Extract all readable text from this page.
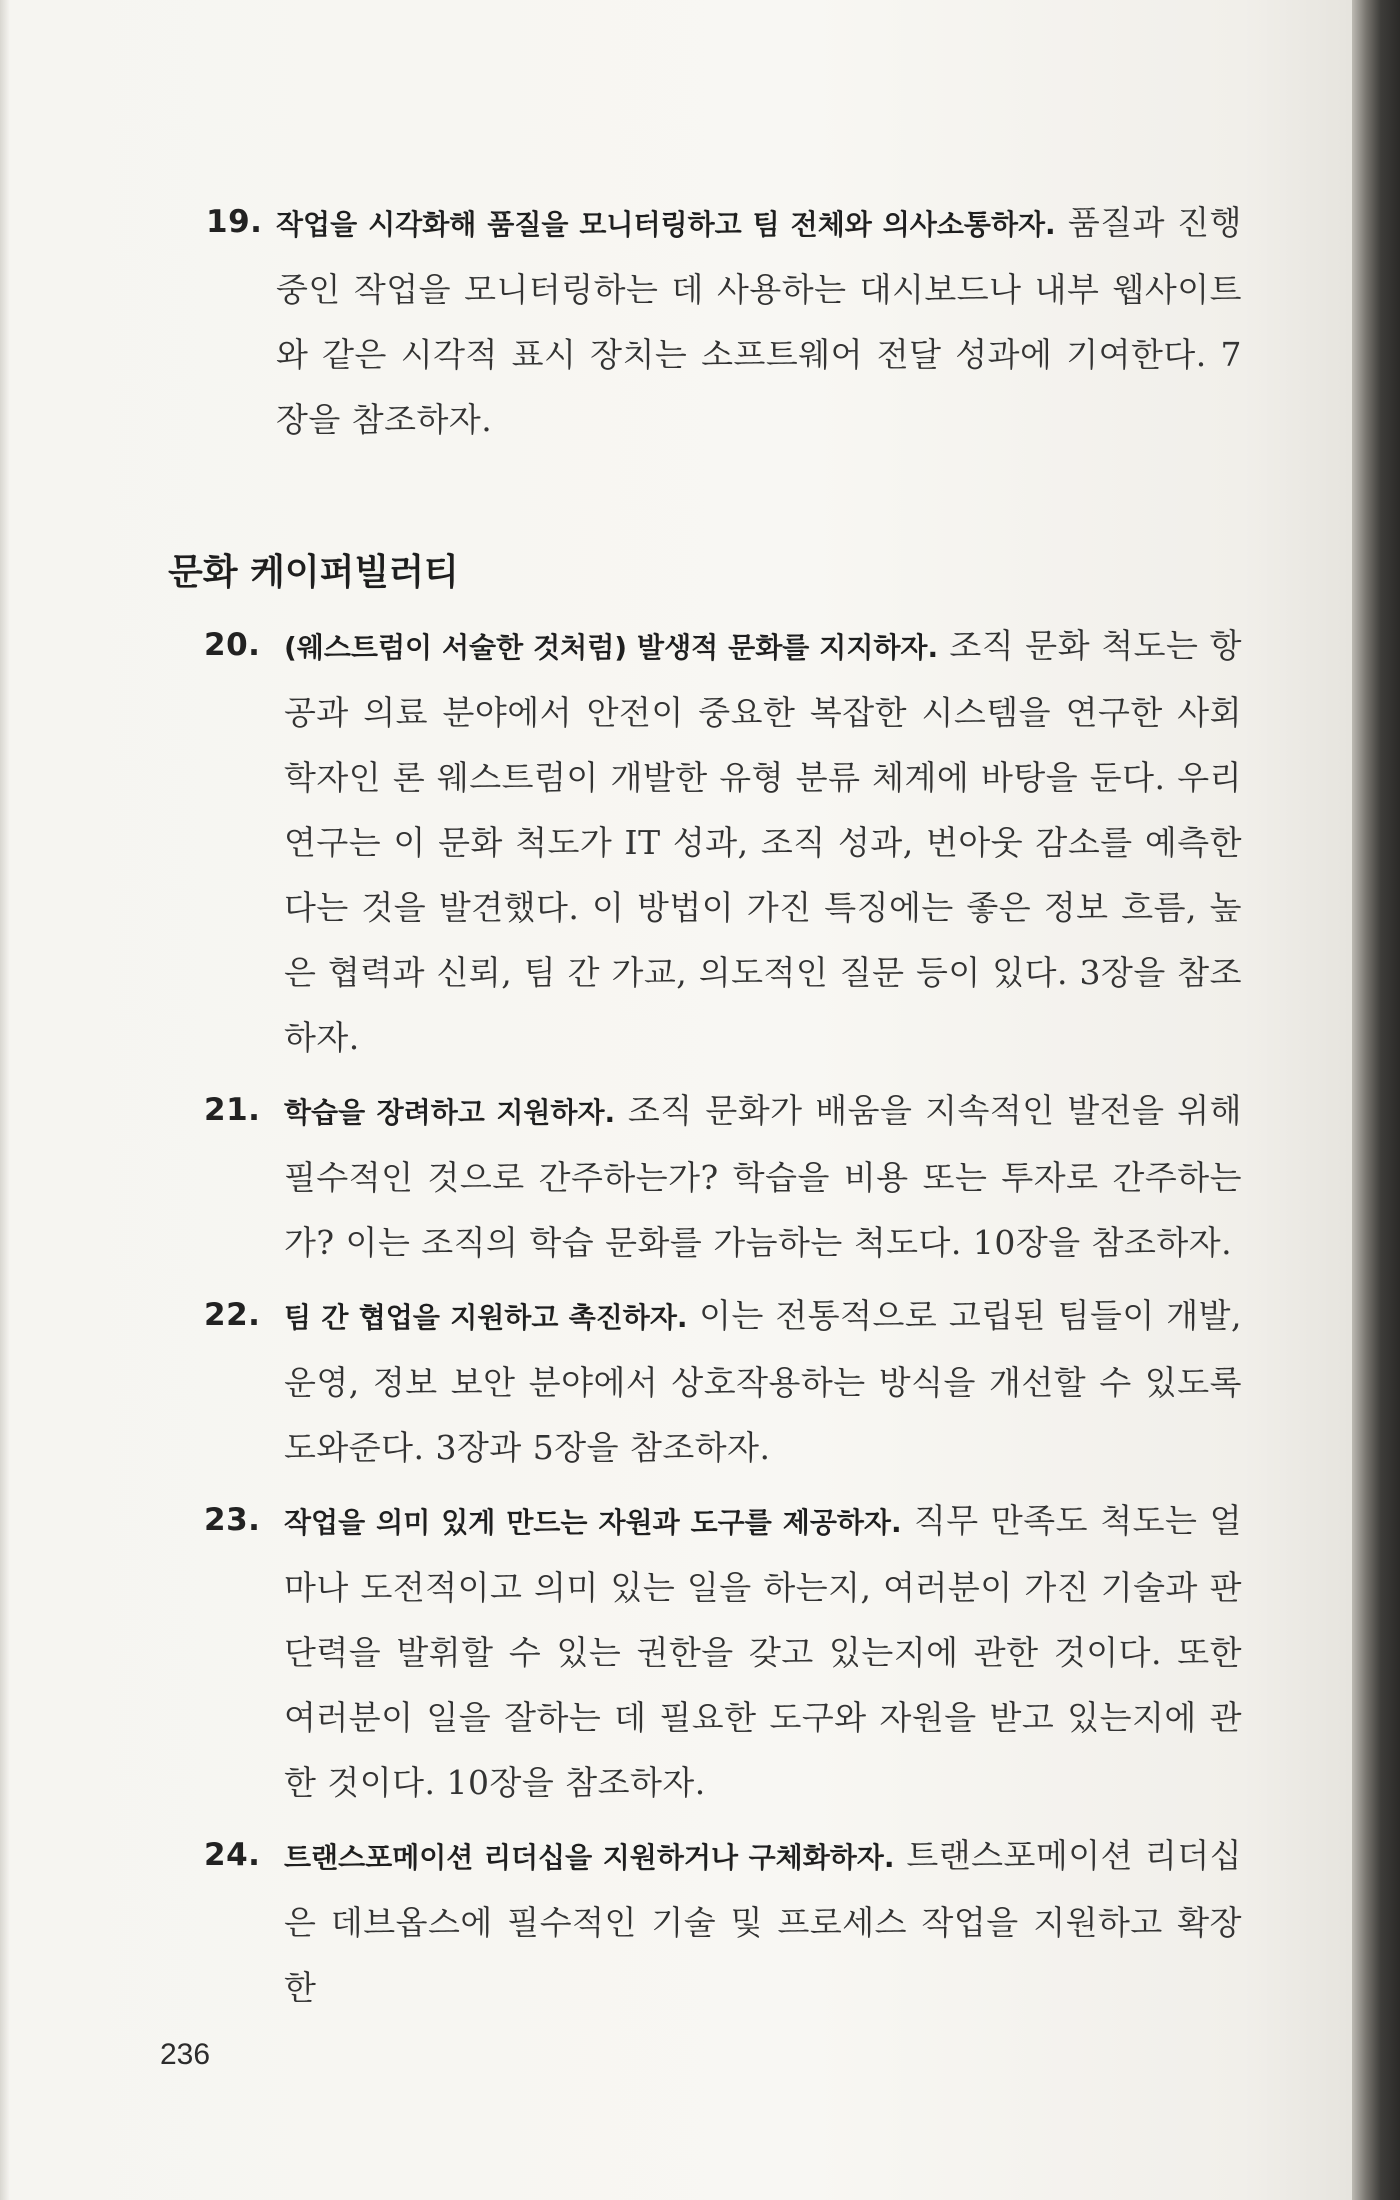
19. 작업을 시각화해 품질을 모니터링하고 팀 전체와 의사소통하자. 품질과 진행 중인 작업을 모니터링하는 데 사용하는 대시보드나 내부 웹사이트와 같은 시각적 표시 장치는 소프트웨어 전달 성과에 기여한다. 7장을 참조하자.
문화 케이퍼빌러티
20. (웨스트럼이 서술한 것처럼) 발생적 문화를 지지하자. 조직 문화 척도는 항공과 의료 분야에서 안전이 중요한 복잡한 시스템을 연구한 사회학자인 론 웨스트럼이 개발한 유형 분류 체계에 바탕을 둔다. 우리 연구는 이 문화 척도가 IT 성과, 조직 성과, 번아웃 감소를 예측한다는 것을 발견했다. 이 방법이 가진 특징에는 좋은 정보 흐름, 높은 협력과 신뢰, 팀 간 가교, 의도적인 질문 등이 있다. 3장을 참조하자.
21. 학습을 장려하고 지원하자. 조직 문화가 배움을 지속적인 발전을 위해 필수적인 것으로 간주하는가? 학습을 비용 또는 투자로 간주하는가? 이는 조직의 학습 문화를 가늠하는 척도다. 10장을 참조하자.
22. 팀 간 협업을 지원하고 촉진하자. 이는 전통적으로 고립된 팀들이 개발, 운영, 정보 보안 분야에서 상호작용하는 방식을 개선할 수 있도록 도와준다. 3장과 5장을 참조하자.
23. 작업을 의미 있게 만드는 자원과 도구를 제공하자. 직무 만족도 척도는 얼마나 도전적이고 의미 있는 일을 하는지, 여러분이 가진 기술과 판단력을 발휘할 수 있는 권한을 갖고 있는지에 관한 것이다. 또한 여러분이 일을 잘하는 데 필요한 도구와 자원을 받고 있는지에 관한 것이다. 10장을 참조하자.
24. 트랜스포메이션 리더십을 지원하거나 구체화하자. 트랜스포메이션 리더십은 데브옵스에 필수적인 기술 및 프로세스 작업을 지원하고 확장한
236
